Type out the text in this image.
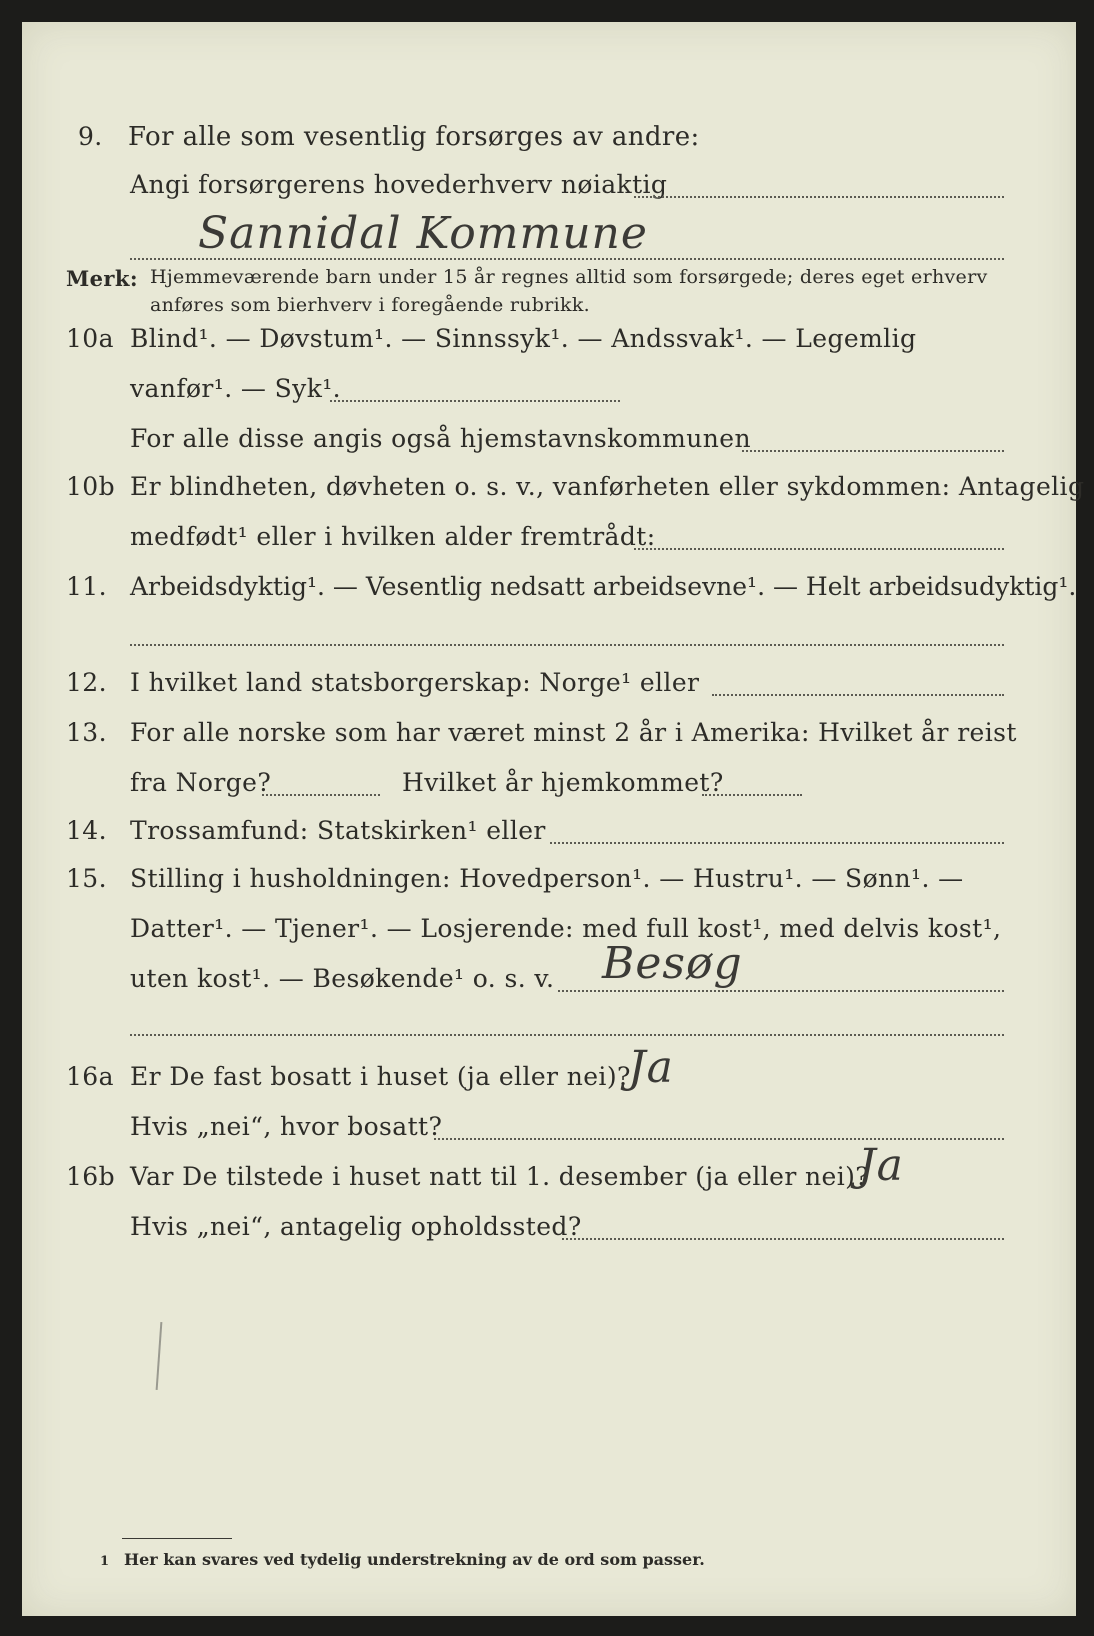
9. For alle som vesentlig forsørges av andre:
Angi forsørgerens hovederhverv nøiaktig
Sannidal Kommune
Merk: Hjemmeværende barn under 15 år regnes alltid som forsørgede; deres eget erhverv
anføres som bierhverv i foregående rubrikk.
10a Blind¹. — Døvstum¹. — Sinnssyk¹. — Andssvak¹. — Legemlig
vanfør¹. — Syk¹.
For alle disse angis også hjemstavnskommunen
10b Er blindheten, døvheten o. s. v., vanførheten eller sykdommen: Antagelig
medfødt¹ eller i hvilken alder fremtrådt:
11. Arbeidsdyktig¹. — Vesentlig nedsatt arbeidsevne¹. — Helt arbeidsudyktig¹.
12. I hvilket land statsborgerskap: Norge¹ eller
13. For alle norske som har været minst 2 år i Amerika: Hvilket år reist
fra Norge?	Hvilket år hjemkommet?
14. Trossamfund: Statskirken¹ eller
15. Stilling i husholdningen: Hovedperson¹. — Hustru¹. — Sønn¹. —
Datter¹. — Tjener¹. — Losjerende: med full kost¹, med delvis kost¹,
uten kost¹. — Besøkende¹ o. s. v. Besøg
16a Er De fast bosatt i huset (ja eller nei)?
Ja
Hvis „nei“, hvor bosatt?
16b Var De tilstede i huset natt til 1. desember (ja eller nei)?
Ja
Hvis „nei“, antagelig opholdssted?
1 Her kan svares ved tydelig understrekning av de ord som passer.
